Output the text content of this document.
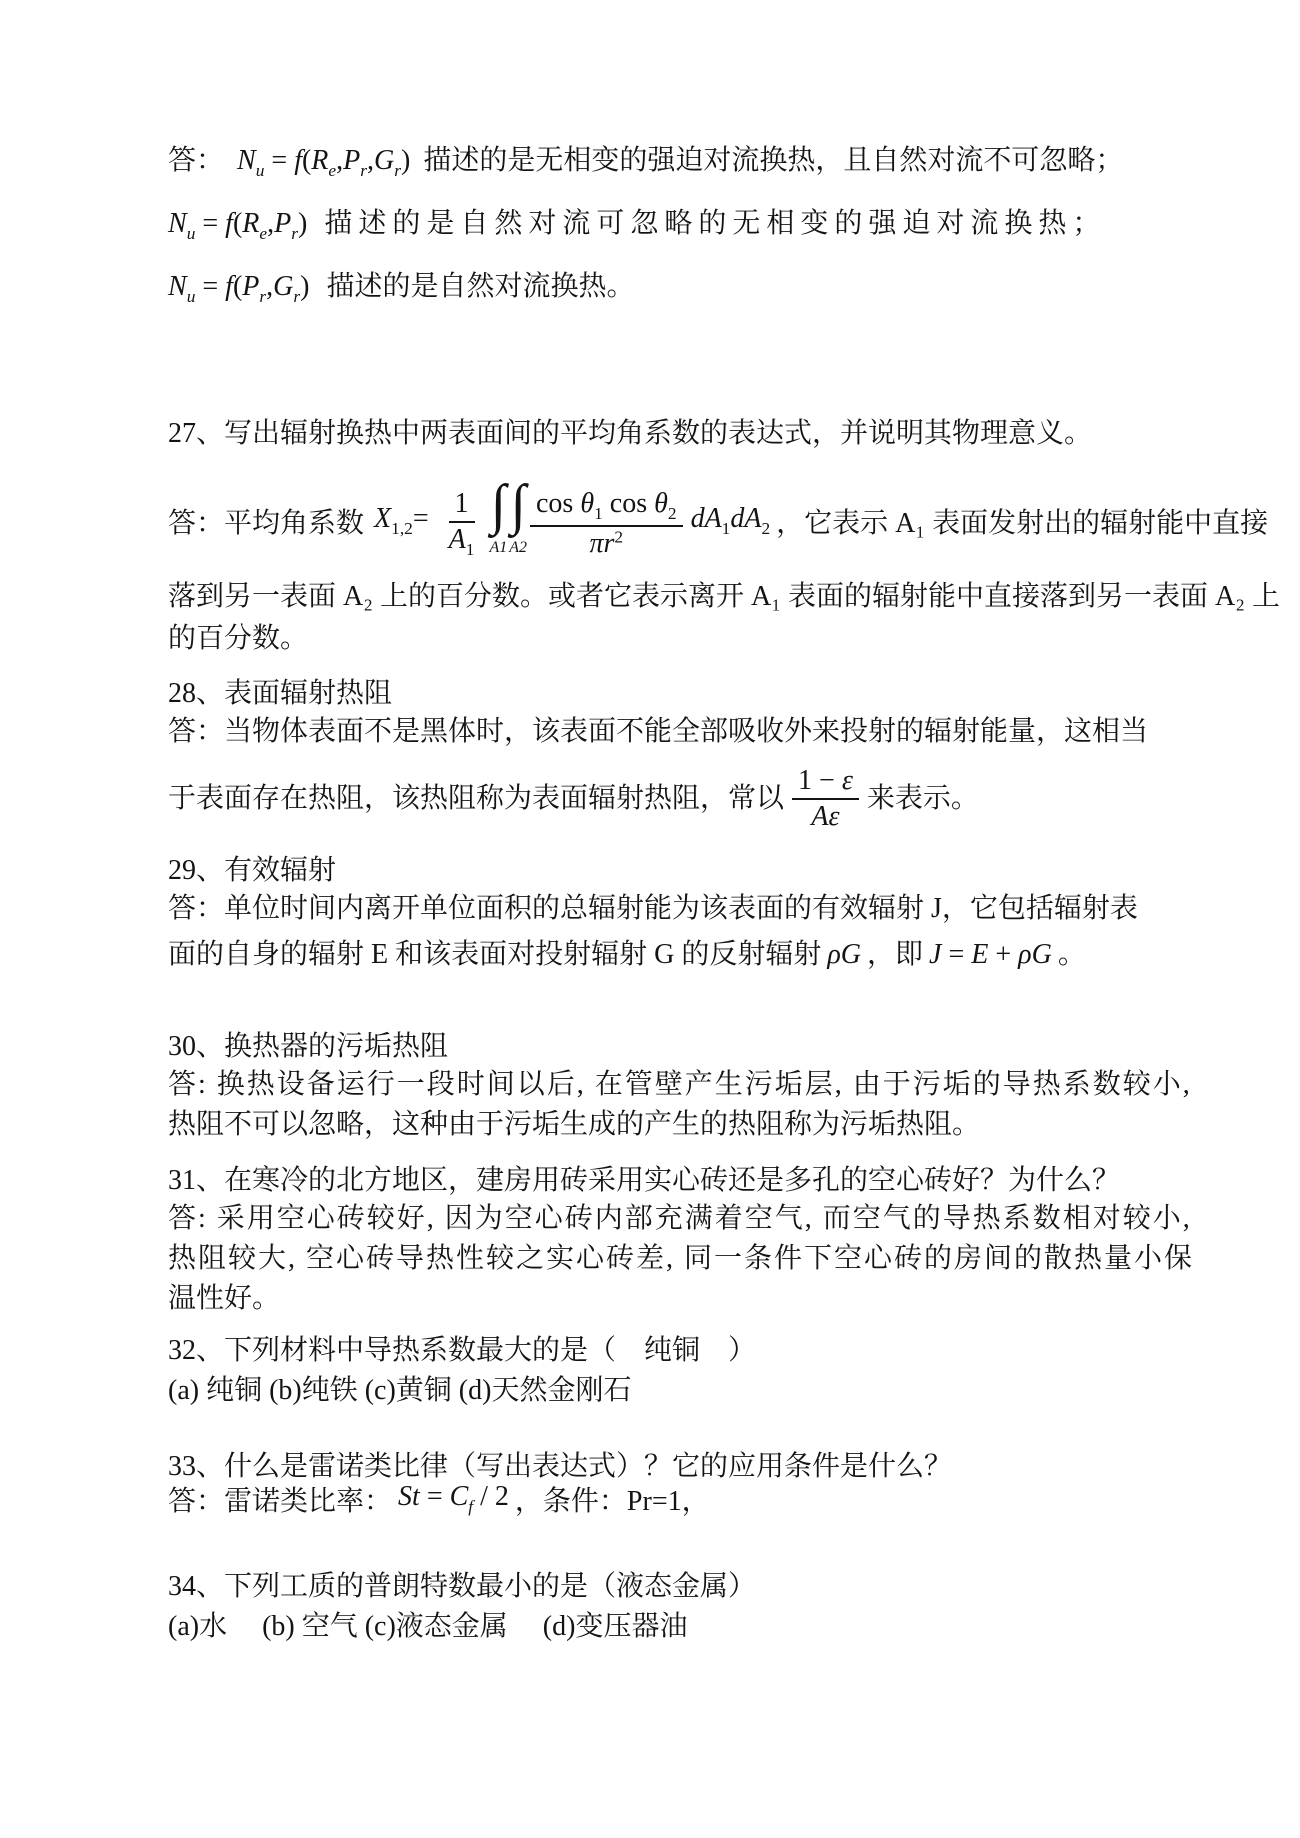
答： $N_u = f(R_e,P_r,G_r)$ 描述的是无相变的强迫对流换热，且自然对流不可忽略；
$N_u = f(R_e,P_r)$ 描述的是自然对流可忽略的无相变的强迫对流换热；
$N_u = f(P_r,G_r)$ 描述的是自然对流换热。
27、写出辐射换热中两表面间的平均角系数的表达式，并说明其物理意义。
答： 平均角系数 $X_{1,2}= \frac{1}{A_1}$ ∫
A1
∫
$A2 \frac{\cos \theta_1 \cos \theta_2}{\pi r^2} dA_1dA_2$ ，它表示 A₁ 表面发射出的辐射能中直接
落到另一表面 A₂ 上的百分数。或者它表示离开 A₁ 表面的辐射能中直接落到另一表面 A₂ 上
的百分数。
28、表面辐射热阻
答：当物体表面不是黑体时，该表面不能全部吸收外来投射的辐射能量，这相当
于表面存在热阻，该热阻称为表面辐射热阻，常以 $\frac{1 - \varepsilon}{A\varepsilon}$ 来表示。
29、有效辐射
答：单位时间内离开单位面积的总辐射能为该表面的有效辐射 J，它包括辐射表
面的自身的辐射 E 和该表面对投射辐射 G 的反射辐射 ρG ，即 J = E + ρG 。
30、换热器的污垢热阻
答: 换热设备运行一段时间以后, 在管壁产生污垢层, 由于污垢的导热系数较小,
热阻不可以忽略，这种由于污垢生成的产生的热阻称为污垢热阻。
31、在寒冷的北方地区，建房用砖采用实心砖还是多孔的空心砖好？为什么？
答: 采用空心砖较好, 因为空心砖内部充满着空气, 而空气的导热系数相对较小,
热阻较大, 空心砖导热性较之实心砖差, 同一条件下空心砖的房间的散热量小保
温性好。
32、下列材料中导热系数最大的是（　纯铜　）
(a) 纯铜 (b)纯铁 (c)黄铜 (d)天然金刚石
33、什么是雷诺类比律（写出表达式）？它的应用条件是什么？
答： 雷诺类比率： $St = C_f / 2$ ，条件： Pr=1，
34、下列工质的普朗特数最小的是（液态金属）
(a)水　 (b) 空气 (c)液态金属　 (d)变压器油
